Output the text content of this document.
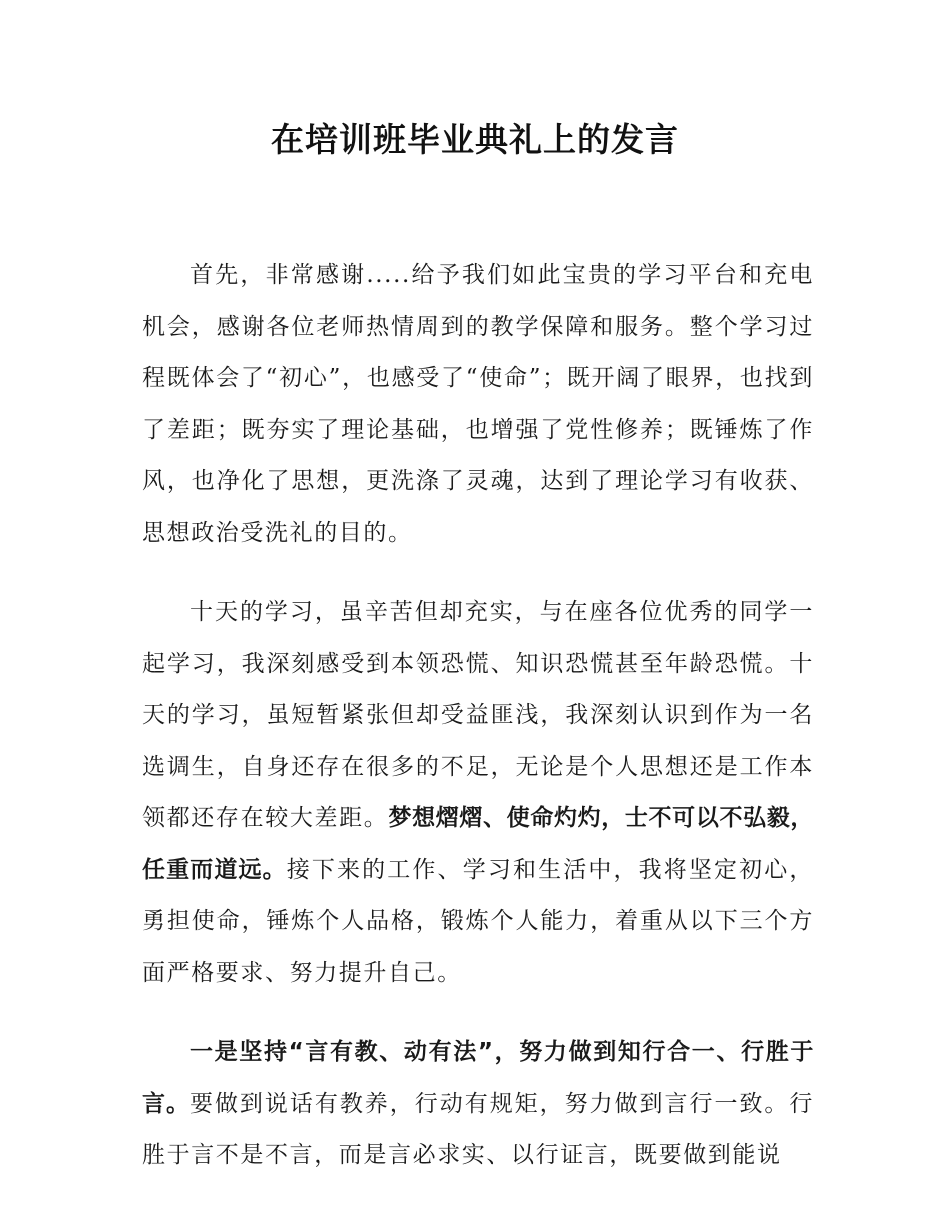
在培训班毕业典礼上的发言

首先，非常感谢.....给予我们如此宝贵的学习平台和充电机会，感谢各位老师热情周到的教学保障和服务。整个学习过程既体会了“初心”，也感受了“使命”；既开阔了眼界，也找到了差距；既夯实了理论基础，也增强了党性修养；既锤炼了作风，也净化了思想，更洗涤了灵魂，达到了理论学习有收获、思想政治受洗礼的目的。

十天的学习，虽辛苦但却充实，与在座各位优秀的同学一起学习，我深刻感受到本领恐慌、知识恐慌甚至年龄恐慌。十天的学习，虽短暂紧张但却受益匪浅，我深刻认识到作为一名选调生，自身还存在很多的不足，无论是个人思想还是工作本领都还存在较大差距。梦想熠熠、使命灼灼，士不可以不弘毅，任重而道远。接下来的工作、学习和生活中，我将坚定初心，勇担使命，锤炼个人品格，锻炼个人能力，着重从以下三个方面严格要求、努力提升自己。

一是坚持“言有教、动有法”，努力做到知行合一、行胜于言。要做到说话有教养，行动有规矩，努力做到言行一致。行胜于言不是不言，而是言必求实、以行证言，既要做到能说
